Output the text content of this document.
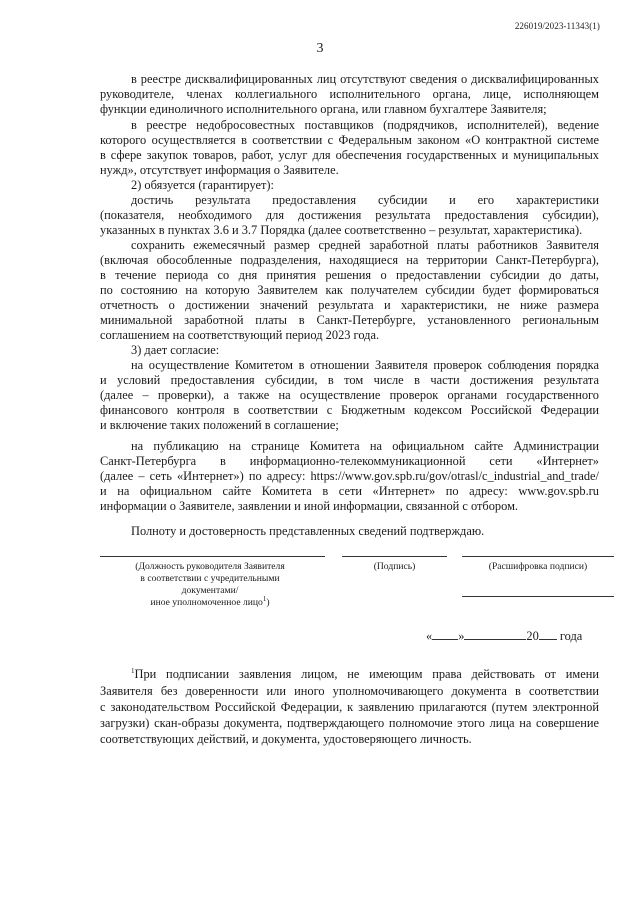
226019/2023-11343(1)
3
в реестре дисквалифицированных лиц отсутствуют сведения о дисквалифицированных
руководителе, членах коллегиального исполнительного органа, лице, исполняющем
функции единоличного исполнительного органа, или главном бухгалтере Заявителя;
в реестре недобросовестных поставщиков (подрядчиков, исполнителей), ведение
которого осуществляется в соответствии с Федеральным законом «О контрактной системе
в сфере закупок товаров, работ, услуг для обеспечения государственных и муниципальных
нужд», отсутствует информация о Заявителе.
2) обязуется (гарантирует):
достичь результата предоставления субсидии и его характеристики
(показателя, необходимого для достижения результата предоставления субсидии),
указанных в пунктах 3.6 и 3.7 Порядка (далее соответственно – результат, характеристика).
сохранить ежемесячный размер средней заработной платы работников Заявителя
(включая обособленные подразделения, находящиеся на территории Санкт-Петербурга),
в течение периода со дня принятия решения о предоставлении субсидии до даты,
по состоянию на которую Заявителем как получателем субсидии будет формироваться
отчетность о достижении значений результата и характеристики, не ниже размера
минимальной заработной платы в Санкт-Петербурге, установленного региональным
соглашением на соответствующий период 2023 года.
3) дает согласие:
на осуществление Комитетом в отношении Заявителя проверок соблюдения порядка
и условий предоставления субсидии, в том числе в части достижения результата
(далее – проверки), а также на осуществление проверок органами государственного
финансового контроля в соответствии с Бюджетным кодексом Российской Федерации
и включение таких положений в соглашение;
на публикацию на странице Комитета на официальном сайте Администрации
Санкт-Петербурга в информационно-телекоммуникационной сети «Интернет»
(далее – сеть «Интернет») по адресу: https://www.gov.spb.ru/gov/otrasl/c_industrial_and_trade/
и на официальном сайте Комитета в сети «Интернет» по адресу: www.gov.spb.ru
информации о Заявителе, заявлении и иной информации, связанной с отбором.
Полноту и достоверность представленных сведений подтверждаю.
(Должность руководителя Заявителя
в соответствии с учредительными
документами/
иное уполномоченное лицо$^1$)
(Подпись)	(Расшифровка подписи)
« »	20 года
$^1$При подписании заявления лицом, не имеющим права действовать от имени
Заявителя без доверенности или иного уполномочивающего документа в соответствии
с законодательством Российской Федерации, к заявлению прилагаются (путем электронной
загрузки) скан-образы документа, подтверждающего полномочие этого лица на совершение
соответствующих действий, и документа, удостоверяющего личность.
